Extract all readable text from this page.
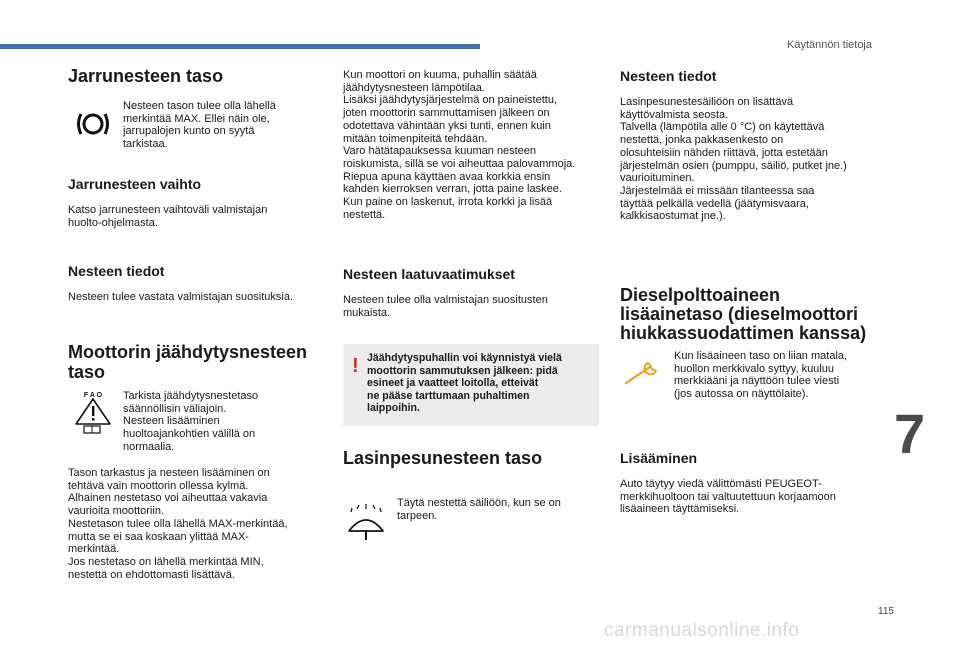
Käytännön tietoja
Jarrunesteen taso

Nesteen tason tulee olla lähellä
merkintää MAX. Ellei näin ole,
jarrupalojen kunto on syytä
tarkistaa.

Jarrunesteen vaihto

Katso jarrunesteen vaihtoväli valmistajan
huolto-ohjelmasta.

Nesteen tiedot

Nesteen tulee vastata valmistajan suosituksia.

Moottorin jäähdytysnesteen
taso
F A O Tarkista jäähdytysnestetaso
säännöllisin väliajoin.
Nesteen lisääminen
huoltoajankohtien välillä on
normaalia.

Tason tarkastus ja nesteen lisääminen on
tehtävä vain moottorin ollessa kylmä.
Alhainen nestetaso voi aiheuttaa vakavia
vaurioita moottoriin.
Nestetason tulee olla lähellä MAX-merkintää,
mutta se ei saa koskaan ylittää MAX-
merkintää.
Jos nestetaso on lähellä merkintää MIN,
nestettä on ehdottomasti lisättävä.

Kun moottori on kuuma, puhallin säätää
jäähdytysnesteen lämpötilaa.
Lisäksi jäähdytysjärjestelmä on paineistettu,
joten moottorin sammuttamisen jälkeen on
odotettava vähintään yksi tunti, ennen kuin
mitään toimenpiteitä tehdään.
Varo hätätapauksessa kuuman nesteen
roiskumista, sillä se voi aiheuttaa palovammoja.
Riepua apuna käyttäen avaa korkkia ensin
kahden kierroksen verran, jotta paine laskee.
Kun paine on laskenut, irrota korkki ja lisää
nestettä.

Nesteen laatuvaatimukset

Nesteen tulee olla valmistajan suositusten
mukaista.

! Jäähdytyspuhallin voi käynnistyä vielä
moottorin sammutuksen jälkeen: pidä
esineet ja vaatteet loitolla, etteivät
ne pääse tarttumaan puhaltimen
laippoihin.
Lasinpesunesteen taso

Täytä nestettä säiliöön, kun se on
tarpeen.

Nesteen tiedot

Lasinpesunestesäiliöön on lisättävä
käyttövalmista seosta.
Talvella (lämpötila alle 0 °C) on käytettävä
nestettä, jonka pakkasenkesto on
olosuhteisiin nähden riittävä, jotta estetään
järjestelmän osien (pumppu, säiliö, putket jne.)
vaurioituminen.
Järjestelmää ei missään tilanteessa saa
täyttää pelkällä vedellä (jäätymisvaara,
kalkkisaostumat jne.).

Dieselpolttoaineen
lisäainetaso (dieselmoottori
hiukkassuodattimen kanssa)

Kun lisäaineen taso on liian matala,
huollon merkkivalo syttyy, kuuluu
merkkiääni ja näyttöön tulee viesti
(jos autossa on näyttölaite).

Lisääminen

Auto täytyy viedä välittömästi PEUGEOT-
merkkihuoltoon tai valtuutettuun korjaamoon
lisäaineen täyttämiseksi.

7
115
carmanualsonline.info
